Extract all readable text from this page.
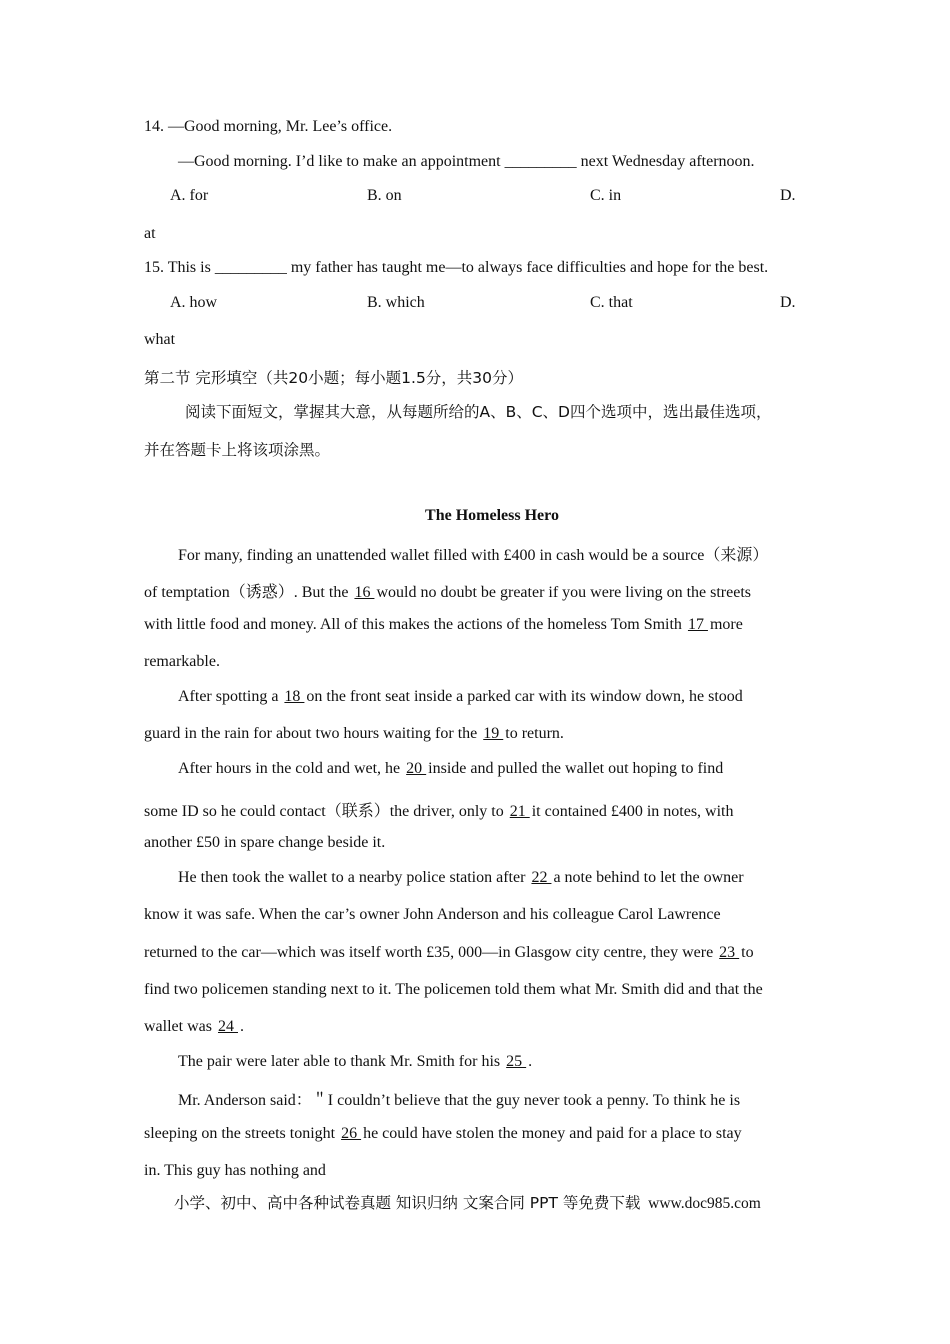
14. —Good morning, Mr. Lee’s office.
—Good morning. I’d like to make an appointment _________ next Wednesday afternoon.
A. for	B. on	C. in	D.
at
15. This is _________ my father has taught me—to always face difficulties and hope for the best.
A. how	B. which	C. that	D.
what
第二节 完形填空（共20小题；每小题1.5分，共30分）
阅读下面短文，掌握其大意，从每题所给的A、B、C、D四个选项中，选出最佳选项，
并在答题卡上将该项涂黑。
The Homeless Hero
For many, finding an unattended wallet filled with £400 in cash would be a source（来源）
of temptation（诱惑）. But the 16 would no doubt be greater if you were living on the streets
with little food and money. All of this makes the actions of the homeless Tom Smith 17 more
remarkable.
After spotting a 18 on the front seat inside a parked car with its window down, he stood
guard in the rain for about two hours waiting for the 19 to return.
After hours in the cold and wet, he 20 inside and pulled the wallet out hoping to find
some ID so he could contact（联系）the driver, only to 21 it contained £400 in notes, with
another £50 in spare change beside it.
He then took the wallet to a nearby police station after 22 a note behind to let the owner
know it was safe. When the car’s owner John Anderson and his colleague Carol Lawrence
returned to the car—which was itself worth £35, 000—in Glasgow city centre, they were 23 to
find two policemen standing next to it. The policemen told them what Mr. Smith did and that the
wallet was 24 .
The pair were later able to thank Mr. Smith for his 25 .
Mr. Anderson said：＂I couldn’t believe that the guy never took a penny. To think he is
sleeping on the streets tonight 26 he could have stolen the money and paid for a place to stay
in. This guy has nothing and
小学、初中、高中各种试卷真题 知识归纳 文案合同 PPT 等免费下载 www.doc985.com
